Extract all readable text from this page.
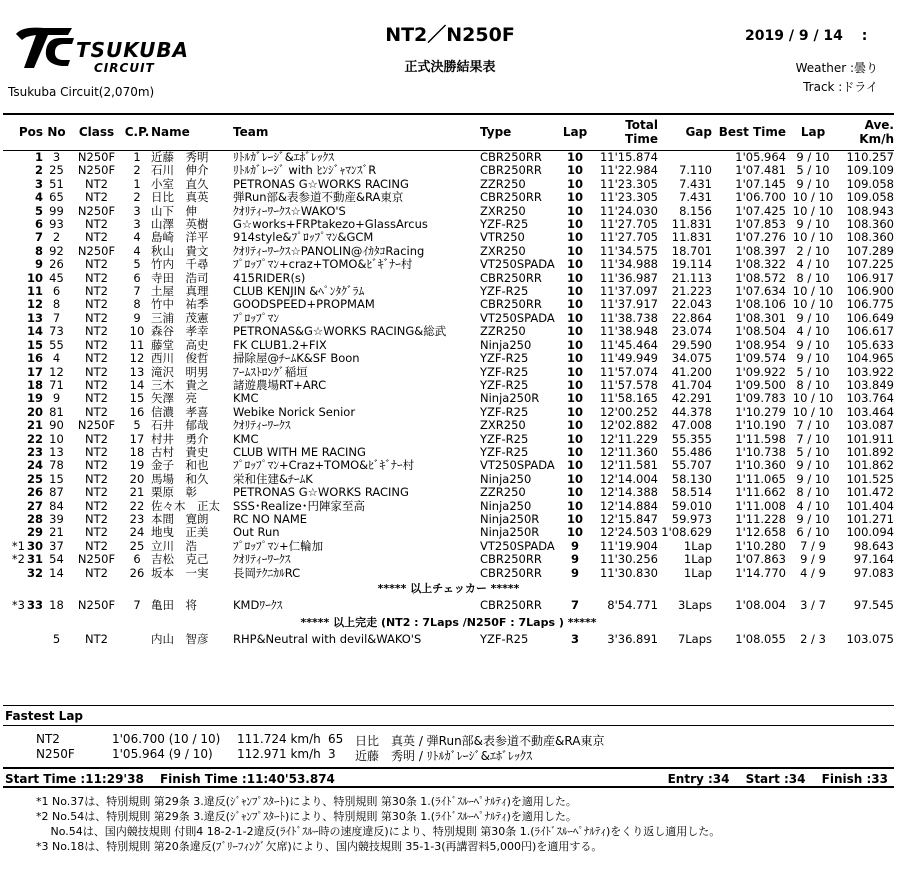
TSUKUBA
CIRCUIT
NT2／N250F
正式決勝結果表
2019 / 9 / 14　 :
Weather :曇り
Track :ドライ
Tsukuba Circuit(2,070m)
Pos		No	Class	C.P.	Name	Team	Type	Lap	Total Time	Gap	Best Time	Lap	Ave.
Km/h
	1	3	N250F	1	近藤　秀明	ﾘﾄﾙｶﾞﾚｰｼﾞ&ｴﾎﾞﾚｯｸｽ	CBR250RR	10	11'15.874		1'05.964	9 / 10	110.257
	2	25	N250F	2	石川　伸介	ﾘﾄﾙｶﾞﾚｰｼﾞ with ﾋﾝｼﾞｬﾏﾝｽﾞR	CBR250RR	10	11'22.984	7.110	1'07.481	5 / 10	109.109
	3	51	NT2	1	小室　直久	PETRONAS G☆WORKS RACING	ZZR250	10	11'23.305	7.431	1'07.145	9 / 10	109.058
	4	65	NT2	2	日比　真英	弾Run部&表参道不動産&RA東京	CBR250RR	10	11'23.305	7.431	1'06.700	10 / 10	109.058
	5	99	N250F	3	山下　伸	ｸｵﾘﾃｨｰﾜｰｸｽ☆WAKO'S	ZXR250	10	11'24.030	8.156	1'07.425	10 / 10	108.943
	6	93	NT2	3	山澤　英樹	G☆works+FRPtakezo+GlassArcus	YZF-R25	10	11'27.705	11.831	1'07.853	9 / 10	108.360
	7	2	NT2	4	島崎　洋平	914style&ﾌﾟﾛｯﾌﾟﾏﾝ&GCM	VTR250	10	11'27.705	11.831	1'07.276	10 / 10	108.360
	8	92	N250F	4	秋山　貴文	ｸｵﾘﾃｨｰﾜｰｸｽ☆PANOLIN@ｲｶﾀｺRacing	ZXR250	10	11'34.575	18.701	1'08.397	2 / 10	107.289
	9	26	NT2	5	竹内　千尋	ﾌﾟﾛｯﾌﾟﾏﾝ+craz+TOMO&ﾋﾞｷﾞﾅｰ村	VT250SPADA	10	11'34.988	19.114	1'08.322	4 / 10	107.225
	10	45	NT2	6	寺田　浩司	415RIDER(s)	CBR250RR	10	11'36.987	21.113	1'08.572	8 / 10	106.917
	11	6	NT2	7	土屋　真理	CLUB KENJIN &ﾍﾟﾝﾀｸﾞﾗﾑ	YZF-R25	10	11'37.097	21.223	1'07.634	10 / 10	106.900
	12	8	NT2	8	竹中　祐季	GOODSPEED+PROPMAM	CBR250RR	10	11'37.917	22.043	1'08.106	10 / 10	106.775
	13	7	NT2	9	三浦　茂憲	ﾌﾟﾛｯﾌﾟﾏﾝ	VT250SPADA	10	11'38.738	22.864	1'08.301	9 / 10	106.649
	14	73	NT2	10	森谷　孝幸	PETRONAS&G☆WORKS RACING&総武	ZZR250	10	11'38.948	23.074	1'08.504	4 / 10	106.617
	15	55	NT2	11	藤堂　高史	FK CLUB1.2+FIX	Ninja250	10	11'45.464	29.590	1'08.954	9 / 10	105.633
	16	4	NT2	12	西川　俊哲	掃除屋@ﾁｰﾑK&SF Boon	YZF-R25	10	11'49.949	34.075	1'09.574	9 / 10	104.965
	17	12	NT2	13	滝沢　明男	ｱｰﾑｽﾄﾛﾝｸﾞ稲垣	YZF-R25	10	11'57.074	41.200	1'09.922	5 / 10	103.922
	18	71	NT2	14	三木　貴之	諸遊農場RT+ARC	YZF-R25	10	11'57.578	41.704	1'09.500	8 / 10	103.849
	19	9	NT2	15	矢澤　亮	KMC	Ninja250R	10	11'58.165	42.291	1'09.783	10 / 10	103.764
	20	81	NT2	16	信濃　孝喜	Webike Norick Senior	YZF-R25	10	12'00.252	44.378	1'10.279	10 / 10	103.464
	21	90	N250F	5	石井　郁哉	ｸｵﾘﾃｨｰﾜｰｸｽ	ZXR250	10	12'02.882	47.008	1'10.190	7 / 10	103.087
	22	10	NT2	17	村井　勇介	KMC	YZF-R25	10	12'11.229	55.355	1'11.598	7 / 10	101.911
	23	13	NT2	18	古村　貴史	CLUB WITH ME RACING	YZF-R25	10	12'11.360	55.486	1'10.738	5 / 10	101.892
	24	78	NT2	19	金子　和也	ﾌﾟﾛｯﾌﾟﾏﾝ+Craz+TOMO&ﾋﾞｷﾞﾅｰ村	VT250SPADA	10	12'11.581	55.707	1'10.360	9 / 10	101.862
	25	15	NT2	20	馬場　和久	栄和住建&ﾁｰﾑK	Ninja250	10	12'14.004	58.130	1'11.065	9 / 10	101.525
	26	87	NT2	21	栗原　彰	PETRONAS G☆WORKS RACING	ZZR250	10	12'14.388	58.514	1'11.662	8 / 10	101.472
	27	84	NT2	22	佐々木　正太	SSS･Realize･円陣家至高	Ninja250	10	12'14.884	59.010	1'11.008	4 / 10	101.404
	28	39	NT2	23	本間　寛朗	RC NO NAME	Ninja250R	10	12'15.847	59.973	1'11.228	9 / 10	101.271
	29	21	NT2	24	地曳　正美	Out Run	Ninja250R	10	12'24.503	1'08.629	1'12.658	6 / 10	100.094
*1	30	37	NT2	25	立川　浩	ﾌﾟﾛｯﾌﾟﾏﾝ+仁輪加	VT250SPADA	9	11'19.904	1Lap	1'10.280	7 / 9	98.643
*2	31	54	N250F	6	吉松　克己	ｸｵﾘﾃｨｰﾜｰｸｽ	CBR250RR	9	11'30.256	1Lap	1'07.863	9 / 9	97.164
	32	14	NT2	26	坂本　一実	長岡ﾃｸﾆｶﾙRC	CBR250RR	9	11'30.830	1Lap	1'14.770	4 / 9	97.083
***** 以上チェッカー *****													
*3	33	18	N250F	7	亀田　将	KMDﾜｰｸｽ	CBR250RR	7	8'54.771	3Laps	1'08.004	3 / 7	97.545
***** 以上完走 (NT2 : 7Laps /N250F : 7Laps ) *****													
		5	NT2		内山　智彦	RHP&Neutral with devil&WAKO'S	YZF-R25	3	3'36.891	7Laps	1'08.055	2 / 3	103.075
Fastest Lap
NT2	1'06.700 (10 / 10) 111.724 km/h 65 日比　真英 / 弾Run部&表参道不動産&RA東京
N250F	1'05.964 (9 / 10) 112.971 km/h 3 近藤　秀明 / ﾘﾄﾙｶﾞﾚｰｼﾞ&ｴﾎﾞﾚｯｸｽ
Start Time :11:29'38　 Finish Time :11:40'53.874	Entry :34　 Start :34　 Finish :33
*1 No.37は、特別規則 第29条 3.違反(ｼﾞｬﾝﾌﾟｽﾀｰﾄ)により、特別規則 第30条 1.(ﾗｲﾄﾞｽﾙｰﾍﾟﾅﾙﾃｨ)を適用した。
*2 No.54は、特別規則 第29条 3.違反(ｼﾞｬﾝﾌﾟｽﾀｰﾄ)により、特別規則 第30条 1.(ﾗｲﾄﾞｽﾙｰﾍﾟﾅﾙﾃｨ)を適用した。
　 No.54は、国内競技規則 付則4 18-2-1-2違反(ﾗｲﾄﾞｽﾙｰ時の速度違反)により、特別規則 第30条 1.(ﾗｲﾄﾞｽﾙｰﾍﾟﾅﾙﾃｨ)をくり返し適用した。
*3 No.18は、特別規則 第20条違反(ﾌﾞﾘｰﾌｨﾝｸﾞ欠席)により、国内競技規則 35-1-3(再講習料5,000円)を適用する。
